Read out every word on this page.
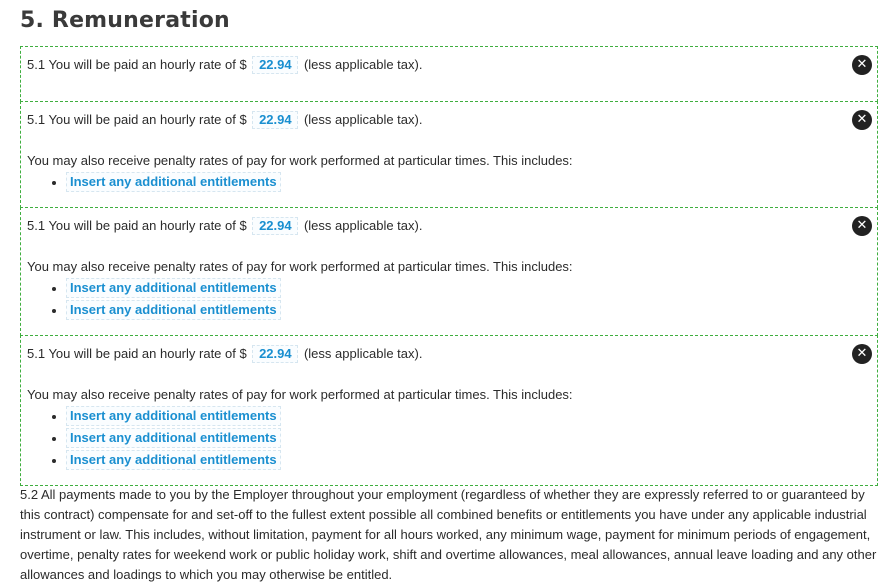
5. Remuneration
5.1 You will be paid an hourly rate of $ 22.94 (less applicable tax).	✕
5.1 You will be paid an hourly rate of $ 22.94 (less applicable tax).
You may also receive penalty rates of pay for work performed at particular times. This includes:
Insert any additional entitlements
✕
5.1 You will be paid an hourly rate of $ 22.94 (less applicable tax).
You may also receive penalty rates of pay for work performed at particular times. This includes:
Insert any additional entitlements
Insert any additional entitlements
✕
5.1 You will be paid an hourly rate of $ 22.94 (less applicable tax).
You may also receive penalty rates of pay for work performed at particular times. This includes:
Insert any additional entitlements
Insert any additional entitlements
Insert any additional entitlements
✕

5.2 All payments made to you by the Employer throughout your employment (regardless of whether they are expressly referred to or guaranteed by this contract) compensate for and set-off to the fullest extent possible all combined benefits or entitlements you have under any applicable industrial instrument or law. This includes, without limitation, payment for all hours worked, any minimum wage, payment for minimum periods of engagement, overtime, penalty rates for weekend work or public holiday work, shift and overtime allowances, meal allowances, annual leave loading and any other allowances and loadings to which you may otherwise be entitled.
